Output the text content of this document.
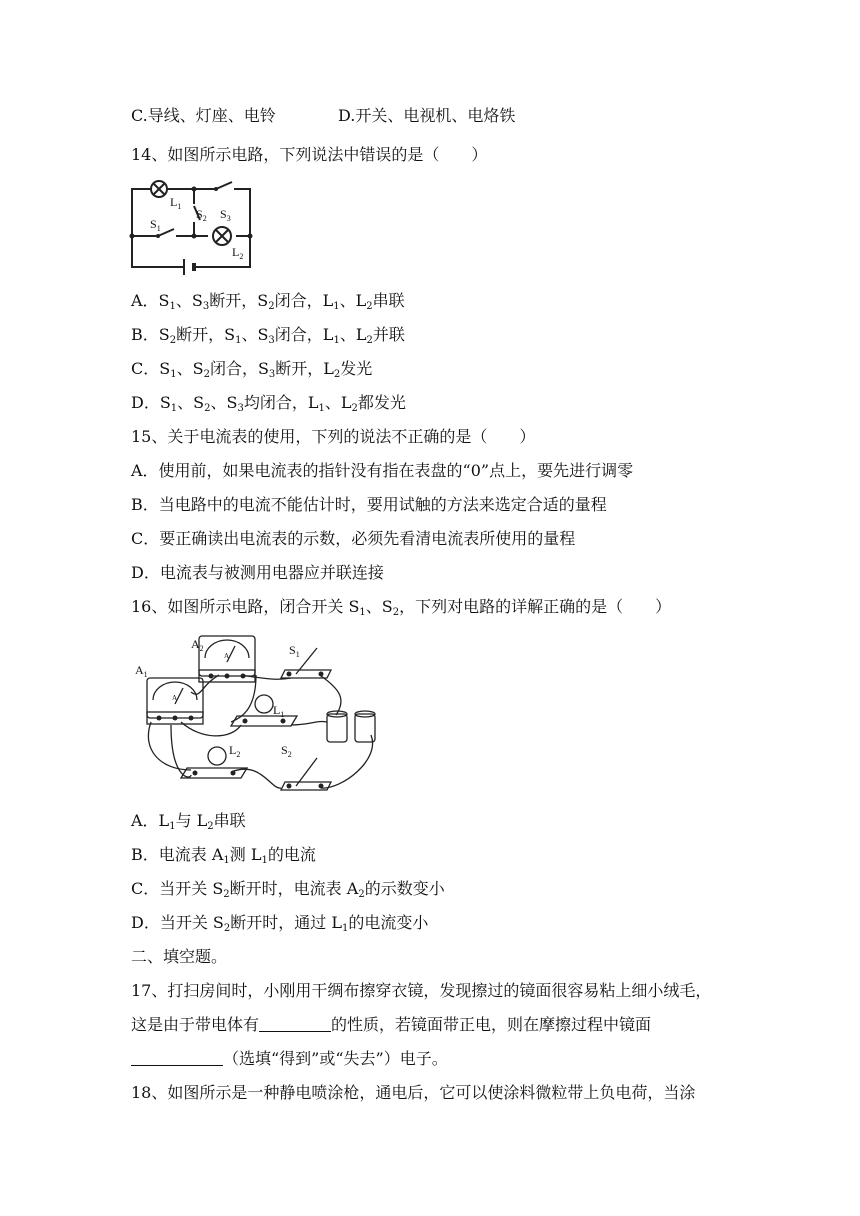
C.导线、灯座、电铃	D.开关、电视机、电烙铁
14、如图所示电路，下列说法中错误的是（　　）
$L_1$
$S_2$ $S_3$
$S_1$
$L_2$
A．$S_1$、$S_3$断开，$S_2$闭合，$L_1$、$L_2$串联
B．$S_2$断开，$S_1$、$S_3$闭合，$L_1$、$L_2$并联
C．$S_1$、$S_2$闭合，$S_3$断开，$L_2$发光
D．$S_1$、$S_2$、$S_3$均闭合，$L_1$、$L_2$都发光
15、关于电流表的使用，下列的说法不正确的是（　　）
A．使用前，如果电流表的指针没有指在表盘的“0”点上，要先进行调零
B．当电路中的电流不能估计时，要用试触的方法来选定合适的量程
C．要正确读出电流表的示数，必须先看清电流表所使用的量程
D．电流表与被测用电器应并联连接
16、如图所示电路，闭合开关 $S_1$、$S_2$，下列对电路的详解正确的是（　　）
$A_1$
$A_2$
A
A	$S_1$
$L_1$
$L_2$	$S_2$
A．$L_1$与 $L_2$串联
B．电流表 $A_1$测 $L_1$的电流
C．当开关 $S_2$断开时，电流表 $A_2$的示数变小
D．当开关 $S_2$断开时，通过 $L_1$的电流变小
二、填空题。
17、打扫房间时，小刚用干绸布擦穿衣镜，发现擦过的镜面很容易粘上细小绒毛，
这是由于带电体有	的性质，若镜面带正电，则在摩擦过程中镜面
（选填“得到”或“失去”）电子。
18、如图所示是一种静电喷涂枪，通电后，它可以使涂料微粒带上负电荷，当涂
